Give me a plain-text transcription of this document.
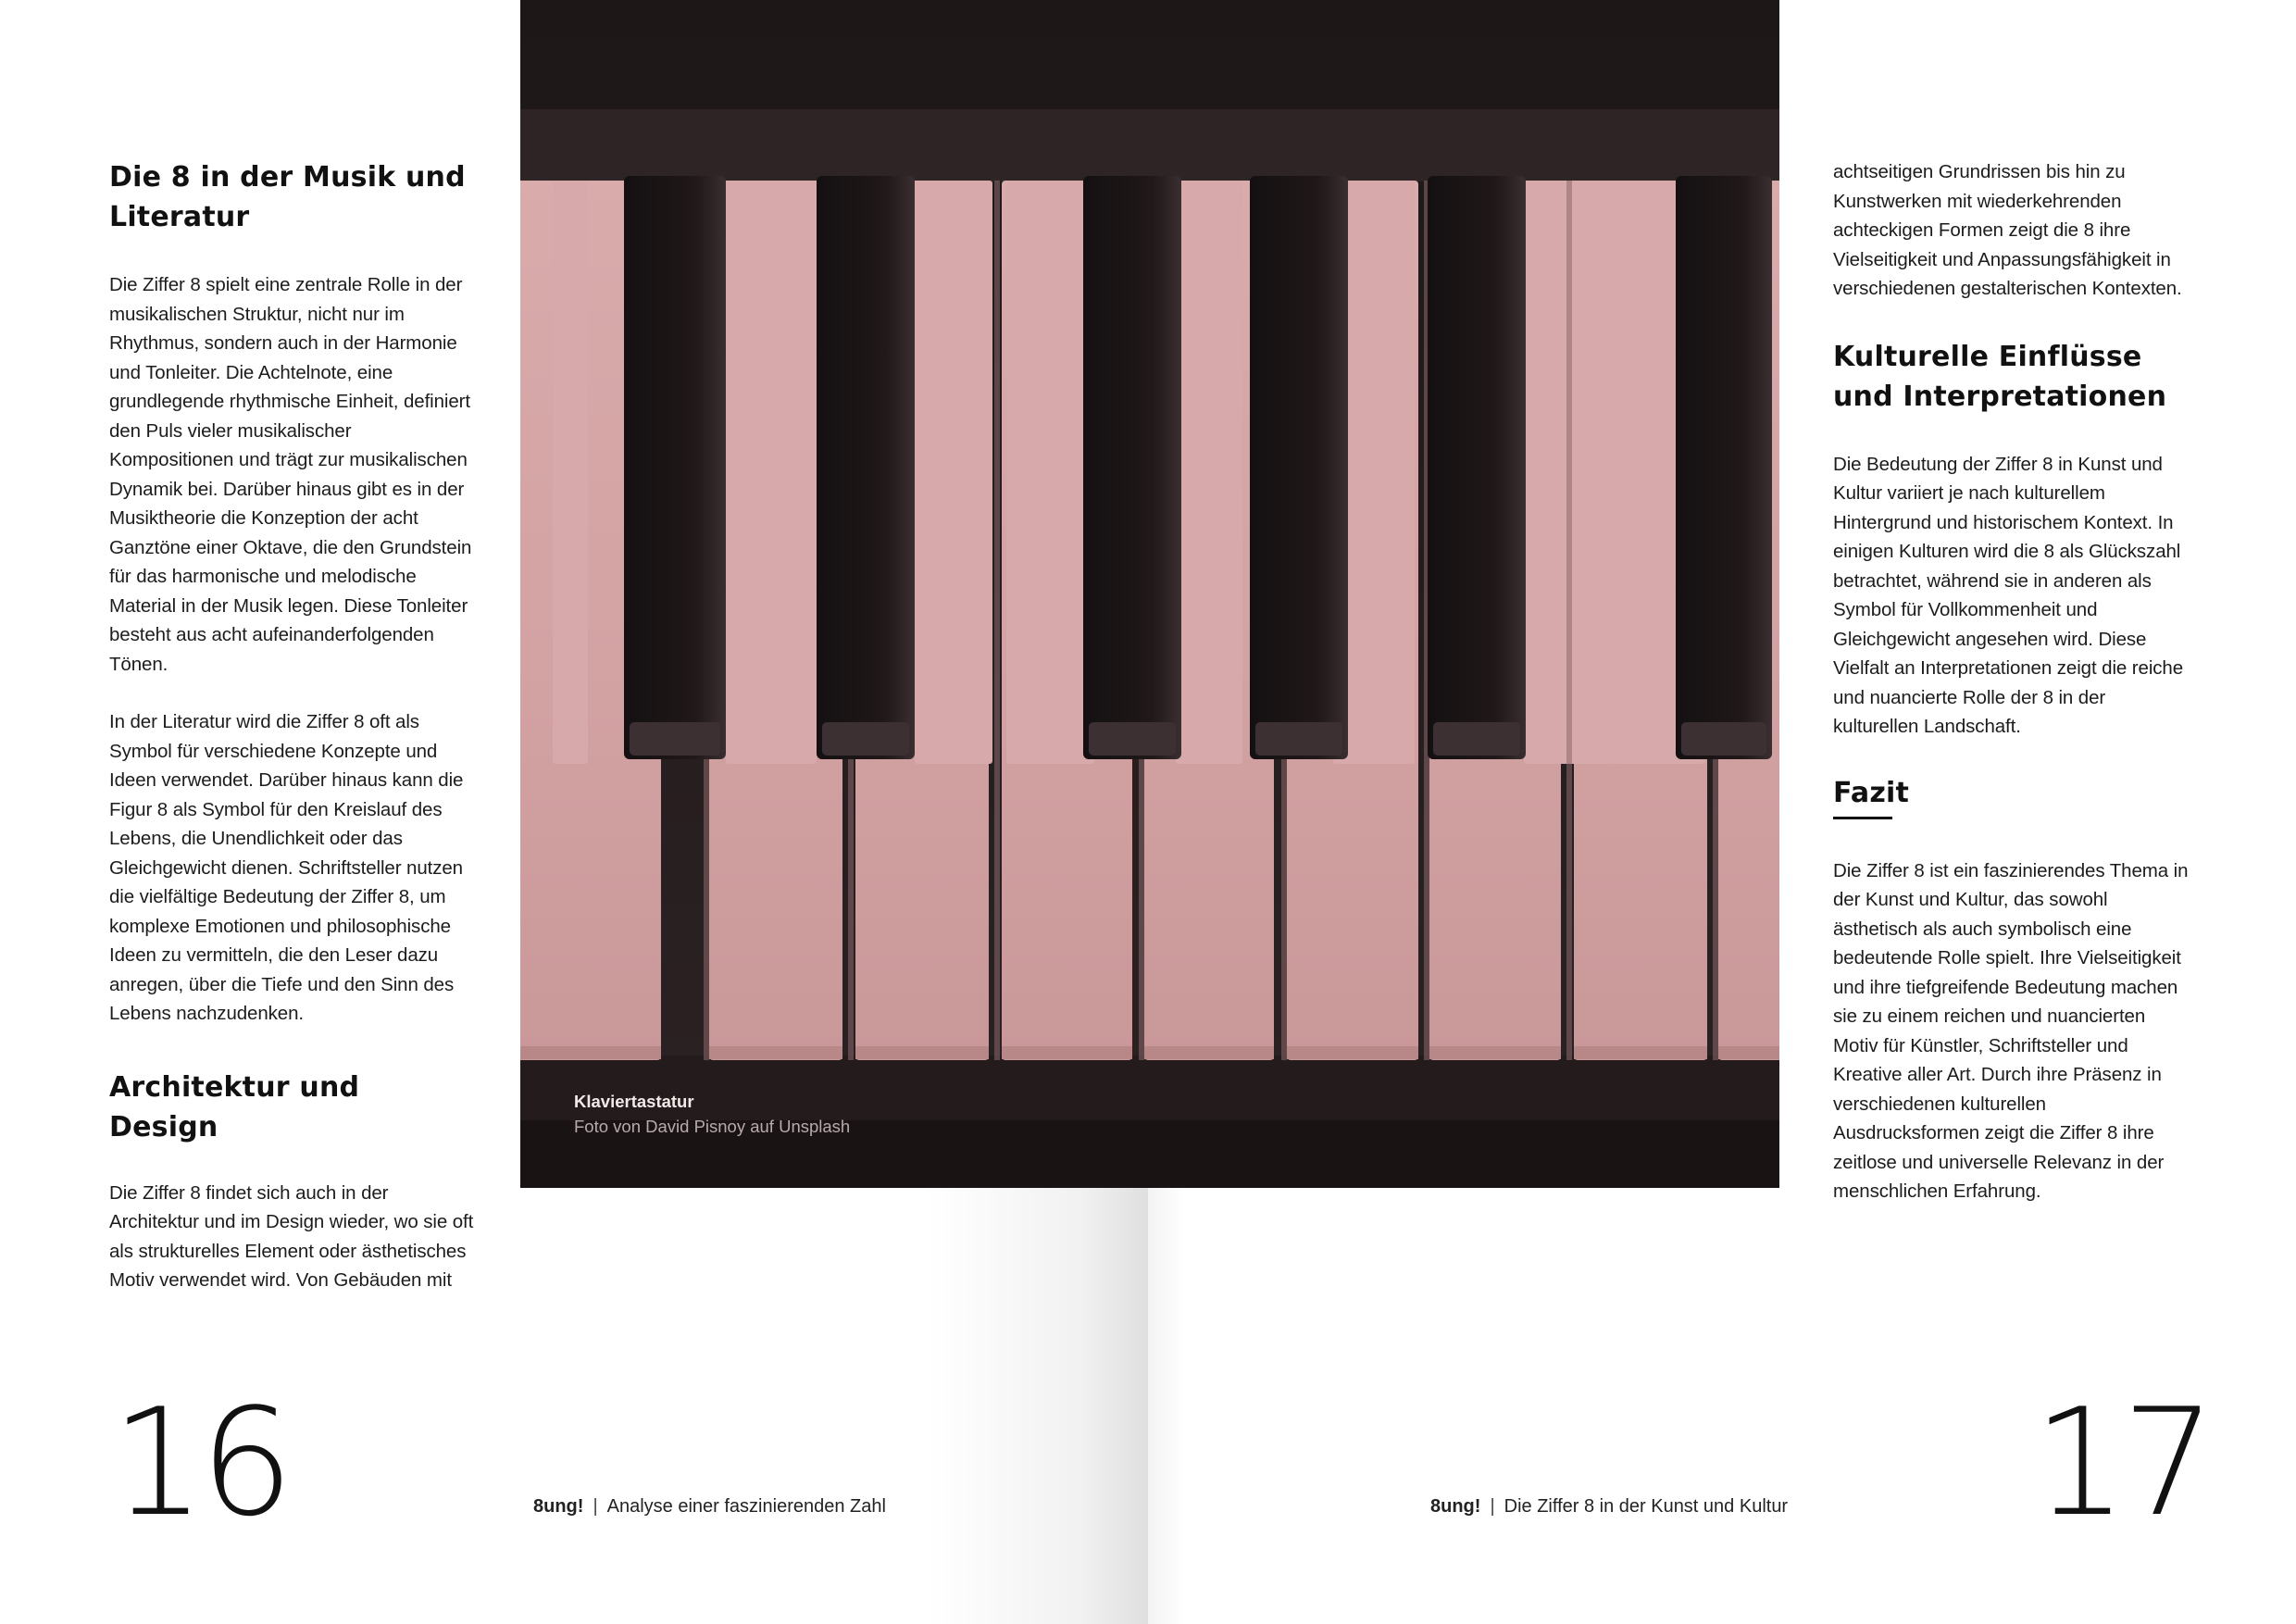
Die 8 in der Musik und Literatur

Die Ziffer 8 spielt eine zentrale Rolle in der musikalischen Struktur, nicht nur im Rhythmus, sondern auch in der Harmonie und Tonleiter. Die Achtelnote, eine grundlegende rhythmische Einheit, definiert den Puls vieler musikalischer Kompositionen und trägt zur musikalischen Dynamik bei. Darüber hinaus gibt es in der Musiktheorie die Konzeption der acht Ganztöne einer Oktave, die den Grundstein für das harmonische und melodische Material in der Musik legen. Diese Tonleiter besteht aus acht aufeinanderfolgenden Tönen.

In der Literatur wird die Ziffer 8 oft als Symbol für verschiedene Konzepte und Ideen verwendet. Darüber hinaus kann die Figur 8 als Symbol für den Kreislauf des Lebens, die Unendlichkeit oder das Gleichgewicht dienen. Schriftsteller nutzen die vielfältige Bedeutung der Ziffer 8, um komplexe Emotionen und philosophische Ideen zu vermitteln, die den Leser dazu anregen, über die Tiefe und den Sinn des Lebens nachzudenken.

Architektur und Design

Die Ziffer 8 findet sich auch in der Architektur und im Design wieder, wo sie oft als strukturelles Element oder ästhetisches Motiv verwendet wird. Von Gebäuden mit

Klaviertastatur
Foto von David Pisnoy auf Unsplash

achtseitigen Grundrissen bis hin zu Kunstwerken mit wiederkehrenden achteckigen Formen zeigt die 8 ihre Vielseitigkeit und Anpassungsfähigkeit in verschiedenen gestalterischen Kontexten.

Kulturelle Einflüsse und Interpretationen

Die Bedeutung der Ziffer 8 in Kunst und Kultur variiert je nach kulturellem Hintergrund und historischem Kontext. In einigen Kulturen wird die 8 als Glückszahl betrachtet, während sie in anderen als Symbol für Vollkommenheit und Gleichgewicht angesehen wird. Diese Vielfalt an Interpretationen zeigt die reiche und nuancierte Rolle der 8 in der kulturellen Landschaft.

Fazit

Die Ziffer 8 ist ein faszinierendes Thema in der Kunst und Kultur, das sowohl ästhetisch als auch symbolisch eine bedeutende Rolle spielt. Ihre Vielseitigkeit und ihre tiefgreifende Bedeutung machen sie zu einem reichen und nuancierten Motiv für Künstler, Schriftsteller und Kreative aller Art. Durch ihre Präsenz in verschiedenen kulturellen Ausdrucksformen zeigt die Ziffer 8 ihre zeitlose und universelle Relevanz in der menschlichen Erfahrung.

16	8ung! | Analyse einer faszinierenden Zahl	8ung! | Die Ziffer 8 in der Kunst und Kultur 17
